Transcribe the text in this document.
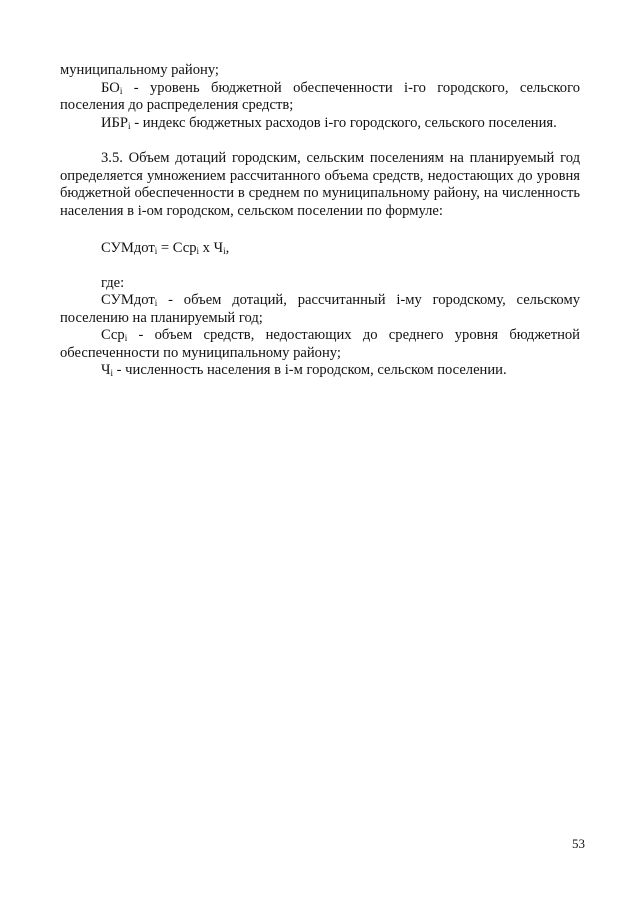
муниципальному району;

$БО_i$ - уровень бюджетной обеспеченности i-го городского, сельского поселения до распределения средств;

$ИБР_i$ - индекс бюджетных расходов i-го городского, сельского поселения.

3.5. Объем дотаций городским, сельским поселениям на планируемый год определяется умножением рассчитанного объема средств, недостающих до уровня бюджетной обеспеченности в среднем по муниципальному району, на численность населения в i-ом городском, сельском поселении по формуле:

СУМдот$_i$ = Сср$_i$ х $Ч_i$,
где:

СУМдот$_i$ - объем дотаций, рассчитанный i-му городскому, сельскому поселению на планируемый год;

Сср$_i$ - объем средств, недостающих до среднего уровня бюджетной обеспеченности по муниципальному району;

$Ч_i$ - численность населения в i-м городском, сельском поселении.

53
